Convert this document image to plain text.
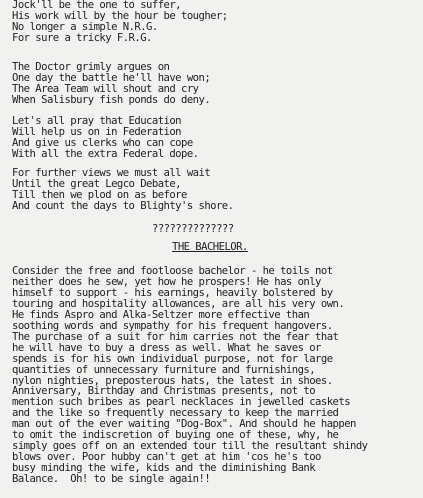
Jock'll be the one to suffer,
His work will by the hour be tougher;
No longer a simple N.R.G.
For sure a tricky F.R.G.
The Doctor grimly argues on
One day the battle he'll have won;
The Area Team will shout and cry
When Salisbury fish ponds do deny.
Let's all pray that Education
Will help us on in Federation
And give us clerks who can cope
With all the extra Federal dope.
For further views we must all wait
Until the great Legco Debate,
Till then we plod on as before
And count the days to Blighty's shore.
??????????????
THE BACHELOR.
Consider the free and footloose bachelor - he toils not
neither does he sew, yet how he prospers! He has only
himself to support - his earnings, heavily bolstered by
touring and hospitality allowances, are all his very own.
He finds Aspro and Alka-Seltzer more effective than
soothing words and sympathy for his frequent hangovers.
The purchase of a suit for him carries not the fear that
he will have to buy a dress as well. What he saves or
spends is for his own individual purpose, not for large
quantities of unnecessary furniture and furnishings,
nylon nighties, preposterous hats, the latest in shoes.
Anniversary, Birthday and Christmas presents, not to
mention such bribes as pearl necklaces in jewelled caskets
and the like so frequently necessary to keep the married
man out of the ever waiting "Dog-Box". And should he happen
to omit the indiscretion of buying one of these, why, he
simply goes off on an extended tour till the resultant shindy
blows over. Poor hubby can't get at him 'cos he's too
busy minding the wife, kids and the diminishing Bank
Balance.  Oh! to be single again!!
